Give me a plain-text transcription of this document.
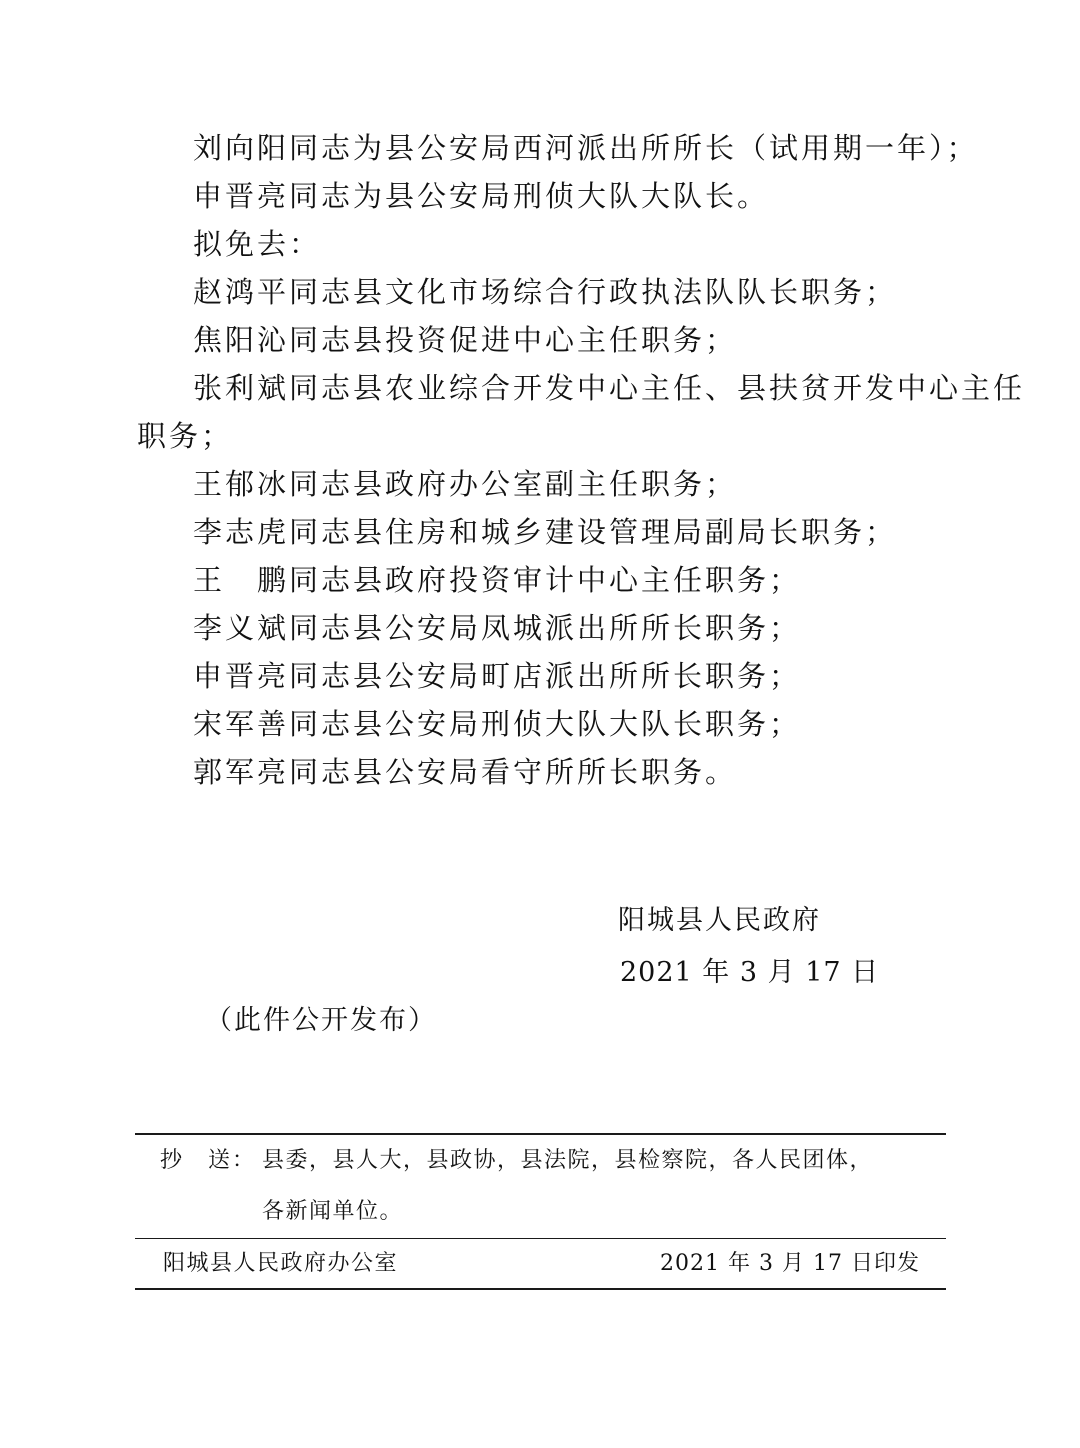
刘向阳同志为县公安局西河派出所所长（试用期一年）；
申晋亮同志为县公安局刑侦大队大队长。
拟免去：
赵鸿平同志县文化市场综合行政执法队队长职务；
焦阳沁同志县投资促进中心主任职务；
张利斌同志县农业综合开发中心主任、县扶贫开发中心主任
职务；
王郁冰同志县政府办公室副主任职务；
李志虎同志县住房和城乡建设管理局副局长职务；
王　鹏同志县政府投资审计中心主任职务；
李义斌同志县公安局凤城派出所所长职务；
申晋亮同志县公安局町店派出所所长职务；
宋军善同志县公安局刑侦大队大队长职务；
郭军亮同志县公安局看守所所长职务。
阳城县人民政府
2021 年 3 月 17 日
（此件公开发布）
抄　送： 县委，县人大，县政协，县法院，县检察院，各人民团体，
各新闻单位。
阳城县人民政府办公室	2021 年 3 月 17 日印发
